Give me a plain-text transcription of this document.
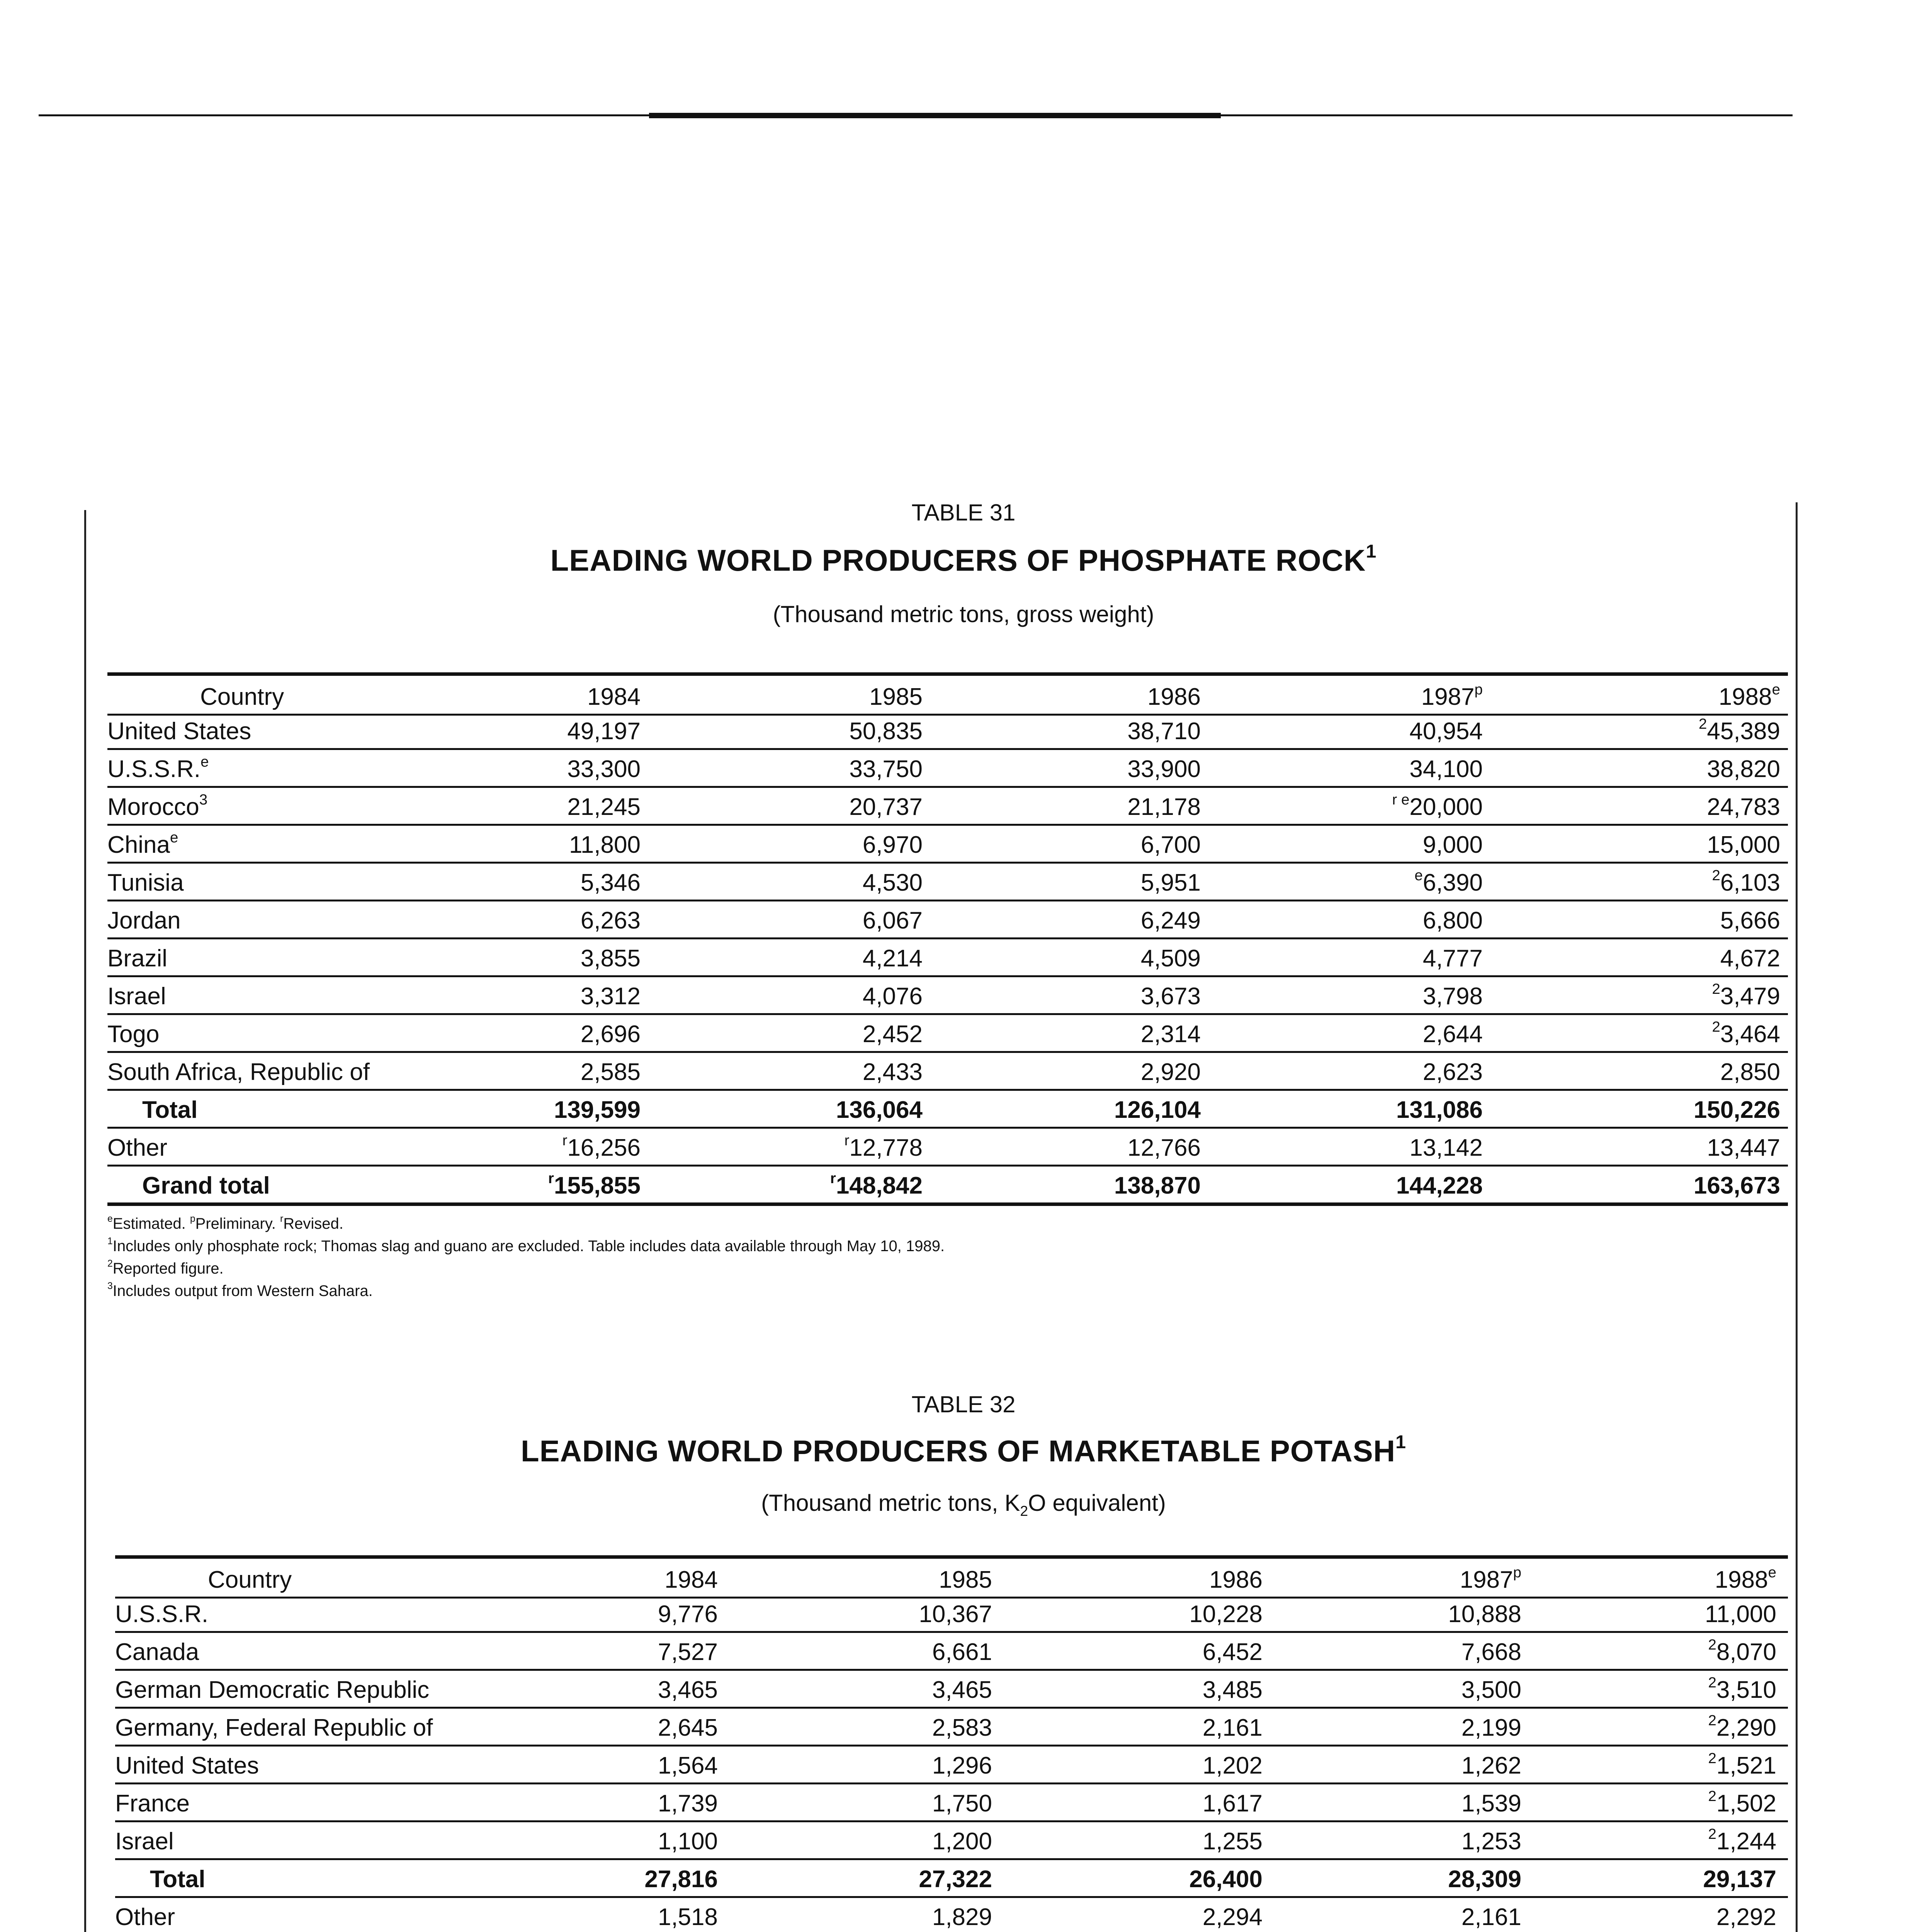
TABLE 31
LEADING WORLD PRODUCERS OF PHOSPHATE ROCK$^1$
(Thousand metric tons, gross weight)
Country	1984	1985	1986	1987$^p$	1988e
United States	49,197	50,835	38,710	40,954	$^2$45,389
U.S.S.R.$^e$	33,300	33,750	33,900	34,100	38,820
Morocco$^3$	21,245	20,737	21,178	$^{r e}$20,000	24,783
China$^e$	11,800	6,970	6,700	9,000	15,000
Tunisia	5,346	4,530	5,951	$^e$6,390	$^2$6,103
Jordan	6,263	6,067	6,249	6,800	5,666
Brazil	3,855	4,214	4,509	4,777	4,672
Israel	3,312	4,076	3,673	3,798	$^2$3,479
Togo	2,696	2,452	2,314	2,644	$^2$3,464
South Africa, Republic of	2,585	2,433	2,920	2,623	2,850
Total	139,599	136,064	126,104	131,086	150,226
Other	$^r$16,256	$^r$12,778	12,766	13,142	13,447
Grand total	$^r$155,855	$^r$148,842	138,870	144,228	163,673
$^e$Estimated. $^p$Preliminary. $^r$Revised.
$^1$Includes only phosphate rock; Thomas slag and guano are excluded. Table includes data available through May 10, 1989.
$^2$Reported figure.
$^3$Includes output from Western Sahara.
TABLE 32
LEADING WORLD PRODUCERS OF MARKETABLE POTASH$^1$
(Thousand metric tons, $K_2O$ equivalent)
Country	1984	1985	1986	1987$^p$	1988e
U.S.S.R.	9,776	10,367	10,228	10,888	11,000
Canada	7,527	6,661	6,452	7,668	$^2$8,070
German Democratic Republic	3,465	3,465	3,485	3,500	$^2$3,510
Germany, Federal Republic of	2,645	2,583	2,161	2,199	$^2$2,290
United States	1,564	1,296	1,202	1,262	$^2$1,521
France	1,739	1,750	1,617	1,539	$^2$1,502
Israel	1,100	1,200	1,255	1,253	$^2$1,244
Total	27,816	27,322	26,400	28,309	29,137
Other	1,518	1,829	2,294	2,161	2,292
